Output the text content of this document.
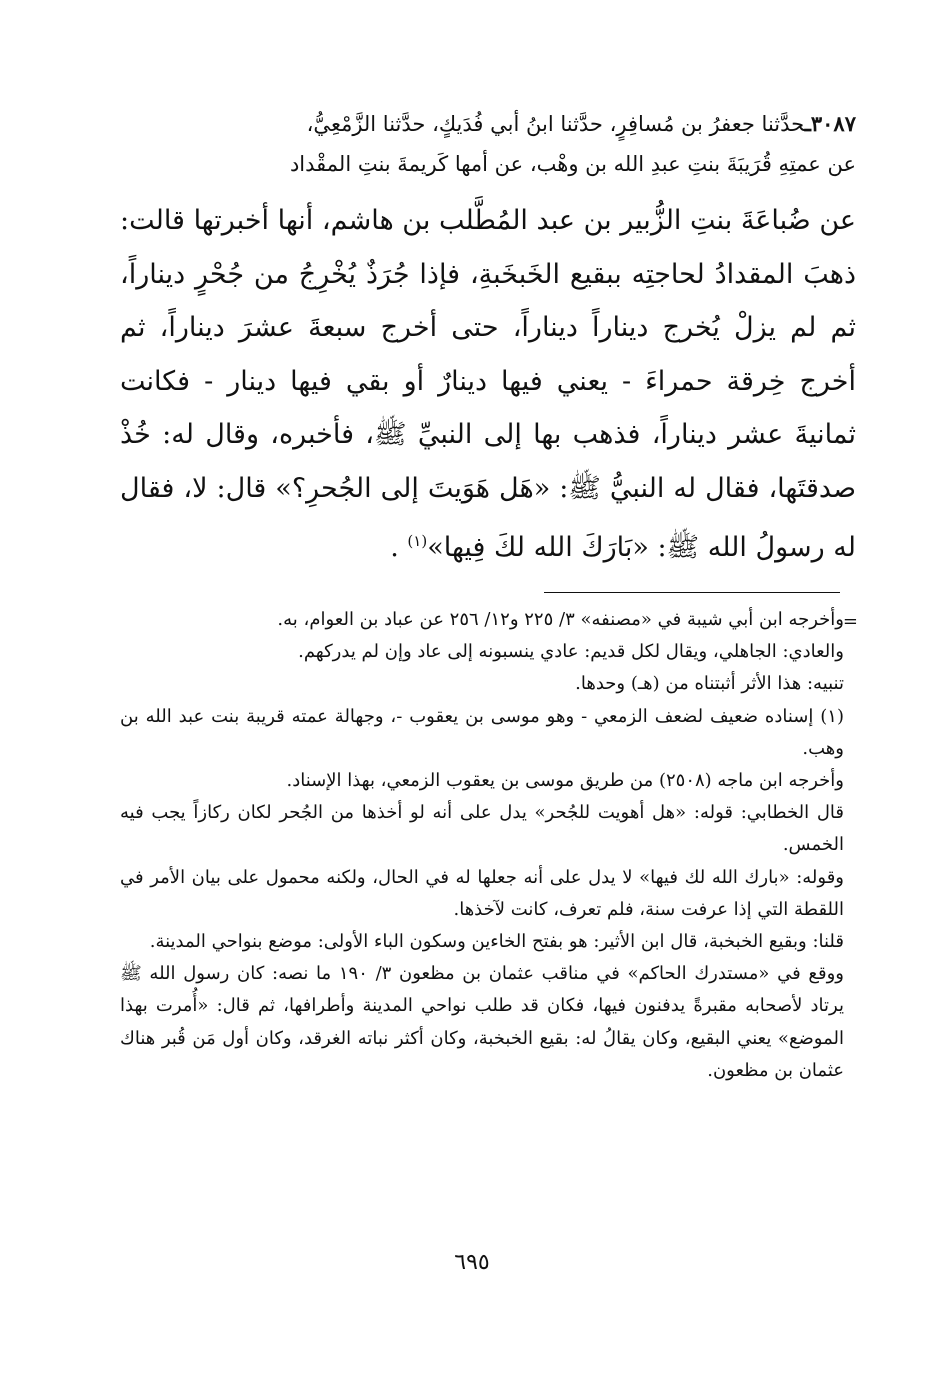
٣٠٨٧ـحدَّثنا جعفرُ بن مُسافِرٍ، حدَّثنا ابنُ أبي فُدَيكٍ، حدَّثنا الزَّمْعِيُّ،
عن عمتِهِ قُرَيبَةَ بنتِ عبدِ الله بن وهْب، عن أمها كَريمةَ بنتِ المقْداد

عن ضُباعَةَ بنتِ الزُّبير بن عبد المُطَّلب بن هاشم، أنها أخبرتها قالت: ذهبَ المقدادُ لحاجتِه ببقيع الخَبخَبةِ، فإذا جُرَذٌ يُخْرِجُ من جُحْرٍ ديناراً، ثم لم يزلْ يُخرج ديناراً ديناراً، حتى أخرج سبعةَ عشرَ ديناراً، ثم أخرج خِرقة حمراءَ - يعني فيها دينارٌ أو بقي فيها دينار - فكانت ثمانيةَ عشر ديناراً، فذهب بها إلى النبيِّ ﷺ، فأخبره، وقال له: خُذْ صدقتَها، فقال له النبيُّ ﷺ: «هَل هَوَيتَ إلى الجُحرِ؟» قال: لا، فقال له رسولُ الله ﷺ: «بَارَكَ الله لكَ فِيها»$^{(١)}$ .

=

وأخرجه ابن أبي شيبة في «مصنفه» ٣/ ٢٢٥ و١٢/ ٢٥٦ عن عباد بن العوام، به.

والعادي: الجاهلي، ويقال لكل قديم: عادي ينسبونه إلى عاد وإن لم يدركهم.

تنبيه: هذا الأثر أثبتناه من (هـ) وحدها.

(١) إسناده ضعيف لضعف الزمعي - وهو موسى بن يعقوب -، وجهالة عمته قريبة بنت عبد الله بن وهب.

وأخرجه ابن ماجه (٢٥٠٨) من طريق موسى بن يعقوب الزمعي، بهذا الإسناد.

قال الخطابي: قوله: «هل أهويت للجُحر» يدل على أنه لو أخذها من الجُحر لكان ركازاً يجب فيه الخمس.

وقوله: «بارك الله لك فيها» لا يدل على أنه جعلها له في الحال، ولكنه محمول على بيان الأمر في اللقطة التي إذا عرفت سنة، فلم تعرف، كانت لآخذها.

قلنا: وبقيع الخبخبة، قال ابن الأثير: هو بفتح الخاءين وسكون الباء الأولى: موضع بنواحي المدينة.

ووقع في «مستدرك الحاكم» في مناقب عثمان بن مظعون ٣/ ١٩٠ ما نصه: كان رسول الله ﷺ يرتاد لأصحابه مقبرةً يدفنون فيها، فكان قد طلب نواحي المدينة وأطرافها، ثم قال: «أُمرت بهذا الموضع» يعني البقيع، وكان يقالُ له: بقيع الخبخبة، وكان أكثر نباته الغرقد، وكان أول مَن قُبر هناك عثمان بن مظعون.

٦٩٥
